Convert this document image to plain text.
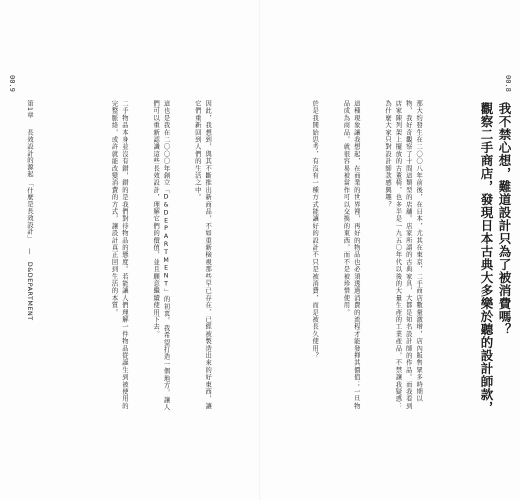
00.8
觀察二手商店，發現日本古典大多樂於聽的設計師款， 我不禁心想，難道設計只為了被消費嗎？

那大約發生在二〇〇八年前後，在日本，尤其在東京，二手商店數量激增，店內販售眾多時期以物，我好奇觀察了十間這類型的店舖。店家所謂的古典家具，大都是知名設計師的作品。而我看到店家陳列架上擺放的古董椅，也多半是一九五〇年代以後的大量生產的工業產品，不禁讓我疑惑：為什麼大家只對設計師款感興趣？

這種現象讓我想起，在商業的世界裡，再好的物品也必須透過消費的流程才能發揮其價值；一旦物品成為商品，就很容易被當作可以交換的東西，而不是被珍惜使用。

於是我開始思考，有沒有一種方式能讓好的設計不只是被消費，而是被長久使用？

因此，我想到，與其不斷推出新商品，不如重新檢視那些早已存在、已經被製造出來的好東西，讓它們重新回到人們的生活之中。

這也是我在二〇〇〇年創立「D&DEPARTMENT」的初衷。我希望打造一個地方，讓人們可以重新認識這些長效設計，理解它們的價值，並且願意繼續使用下去。

二手物品本身並沒有錯，錯的是我們對待物品的態度。若能讓人們理解一件物品從誕生到被使用的完整脈絡，或許就能改變消費的方式，讓設計真正回到生活的本質。

00.9
第1章 長效設計的源起 「什麼是長效設計」 — D&DEPARTMENT
